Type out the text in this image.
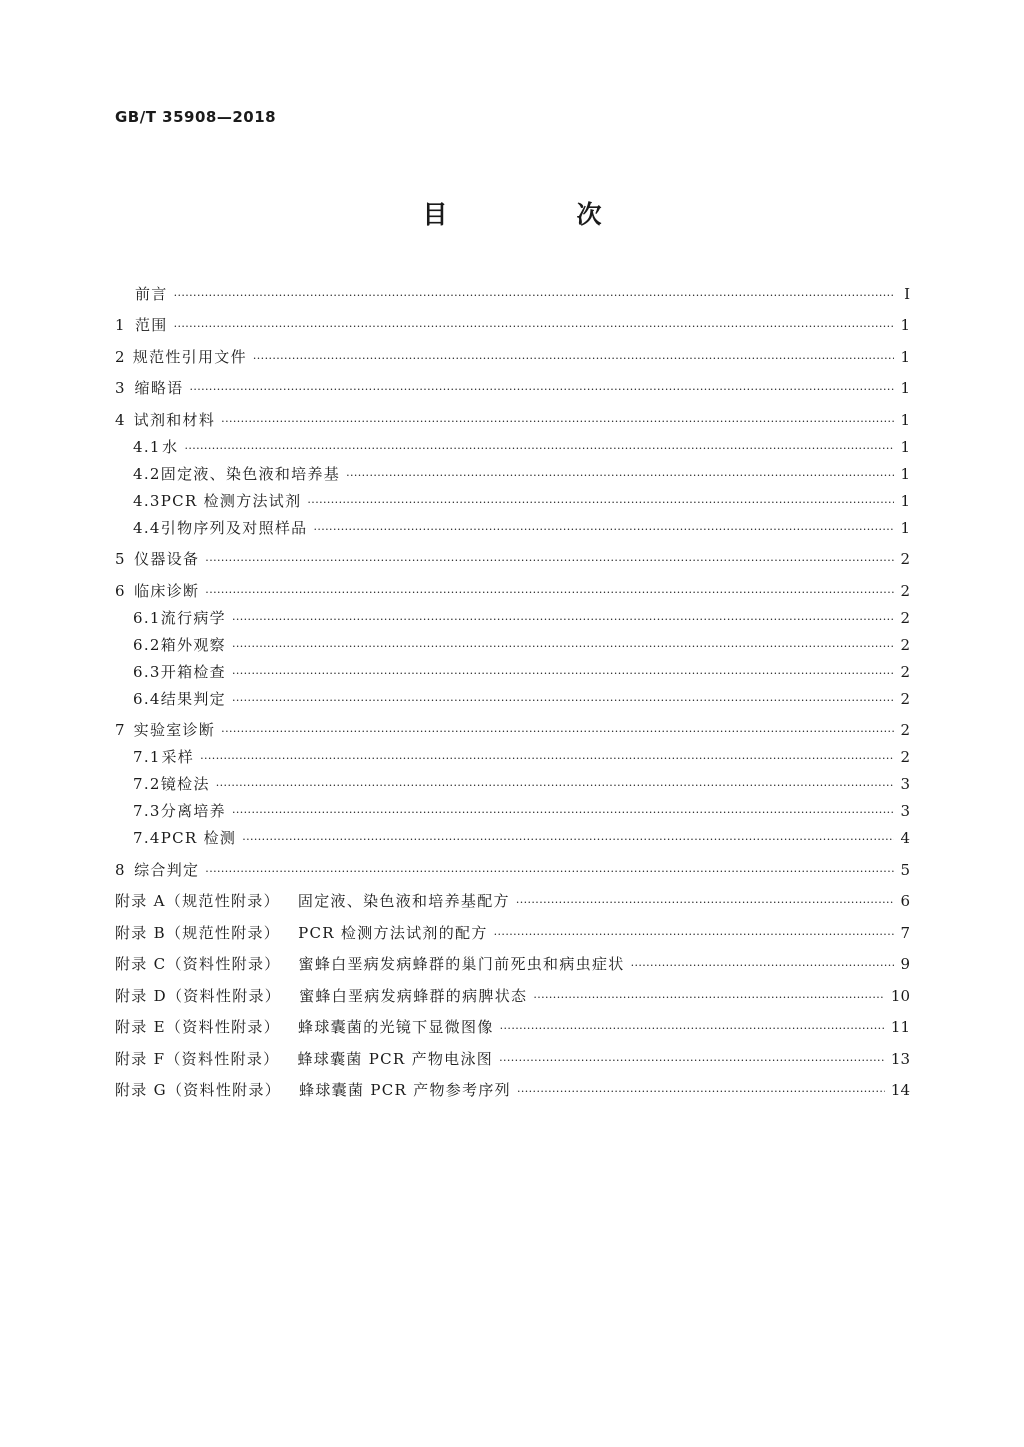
GB/T 35908—2018
目　次
前言 ·····	Ⅰ
1 范围 ·····	1
2 规范性引用文件 ·····	1
3 缩略语 ·····	1
4 试剂和材料 ·····	1
4.1 水 ·····	1
4.2 固定液、染色液和培养基 ·····	1
4.3 PCR 检测方法试剂 ·····	1
4.4 引物序列及对照样品 ·····	1
5 仪器设备 ·····	2
6 临床诊断 ·····	2
6.1 流行病学 ·····	2
6.2 箱外观察 ·····	2
6.3 开箱检查 ·····	2
6.4 结果判定 ·····	2
7 实验室诊断 ·····	2
7.1 采样 ·····	2
7.2 镜检法 ·····	3
7.3 分离培养 ·····	3
7.4 PCR 检测 ·····	4
8 综合判定 ·····	5
附录 A（规范性附录） 固定液、染色液和培养基配方 ·····	6
附录 B（规范性附录） PCR 检测方法试剂的配方 ·····	7
附录 C（资料性附录） 蜜蜂白垩病发病蜂群的巢门前死虫和病虫症状 ·····	9
附录 D（资料性附录） 蜜蜂白垩病发病蜂群的病脾状态 ·····	10
附录 E（资料性附录） 蜂球囊菌的光镜下显微图像 ·····	11
附录 F（资料性附录） 蜂球囊菌 PCR 产物电泳图 ·····	13
附录 G（资料性附录） 蜂球囊菌 PCR 产物参考序列 ·····	14
